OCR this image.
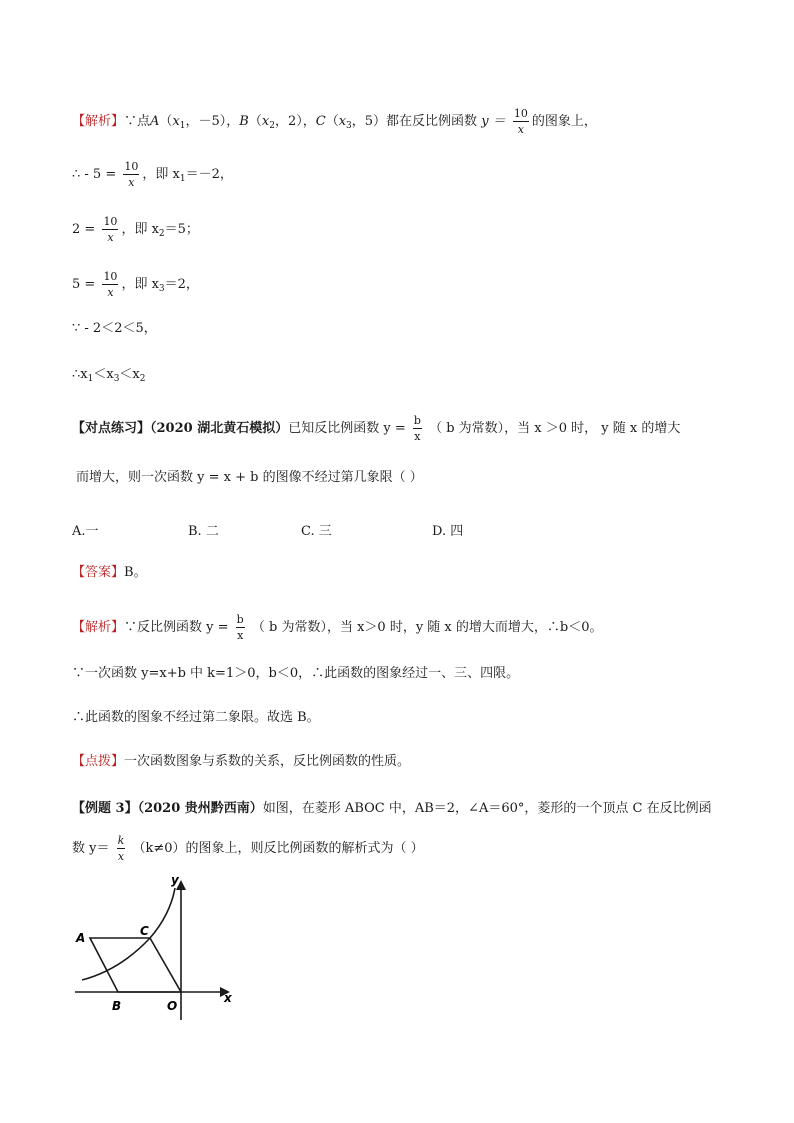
【解析】∵点$A(x_1$，－5），$B(x_2$，2），$C(x_3$，5）都在反比例函数 $y = \frac{10}{x}$ 的图象上，
∴ - $5 = \frac{10}{x}$ ，即 $x_1=-2$，
$2 = \frac{10}{x}$ ，即 $x_2=5$；
$5 = \frac{10}{x}$ ，即 $x_3=2$，
∵ - 2＜2＜5，
$\therefore x_1<x_3<x_2$
【对点练习】（2020 湖北黄石模拟）已知反比例函数 $y = \frac{b}{x}$ （ b 为常数），当 x ＞0 时， y 随 x 的增大
而增大，则一次函数 y = x + b 的图像不经过第几象限（ ）
A.一	B. 二	C. 三	D. 四
【答案】B。
【解析】∵反比例函数 $y = \frac{b}{x}$ （ b 为常数），当 x＞0 时，y 随 x 的增大而增大，∴b＜0。
∵一次函数 y=x+b 中 k=1＞0，b＜0，∴此函数的图象经过一、三、四限。
∴此函数的图象不经过第二象限。故选 B。
【点拨】一次函数图象与系数的关系，反比例函数的性质。
【例题 3】（2020 贵州黔西南）如图，在菱形 ABOC 中，AB＝2，∠A＝60°，菱形的一个顶点 C 在反比例函
数 $y= \frac{k}{x} (k\ne 0)$的图象上，则反比例函数的解析式为（ ）
A	C
B	O
x
y
